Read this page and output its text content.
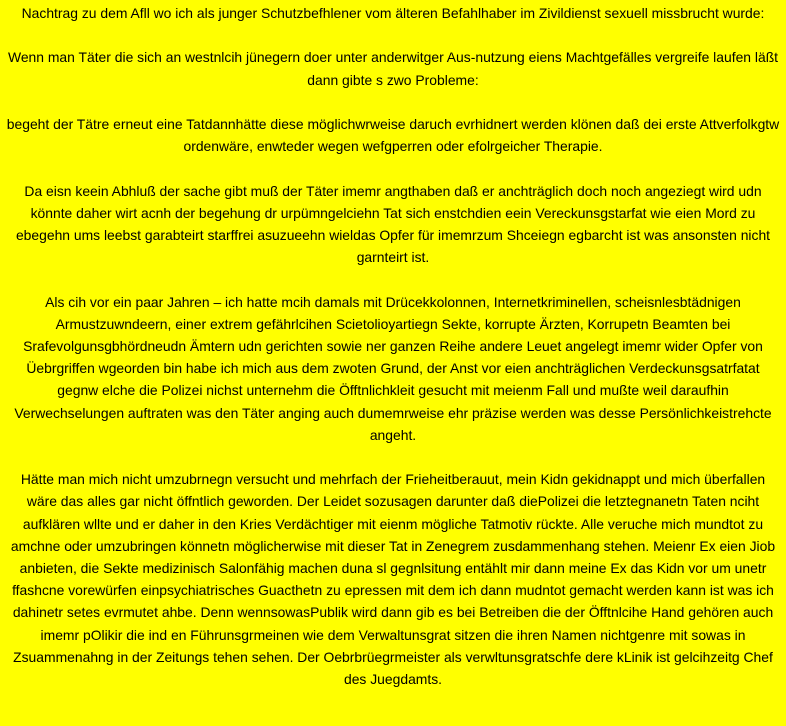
Nachtrag zu dem Afll wo ich als junger Schutzbefhlener vom älteren Befahlhaber im Zivildienst sexuell missbrucht wurde:

Wenn man Täter die sich an westnlcih jünegern doer unter anderwitger Aus-nutzung eiens Machtgefälles vergreife laufen läßt dann gibte s zwo Probleme:

begeht der Tätre erneut eine Tatdannhätte diese möglichwrweise daruch evrhidnert werden klönen daß dei erste Attverfolkgtw ordenwäre, enwteder wegen wefgperren oder efolrgeicher Therapie.

Da eisn keein Abhluß der sache gibt muß der Täter imemr angthaben daß er anchträglich doch noch angeziegt wird udn könnte daher wirt acnh der begehung dr urpümngelciehn Tat sich enstchdien eein Vereckunsgstarfat wie eien Mord zu ebegehn ums leebst garabteirt starffrei asuzueehn wieldas Opfer für imemrzum Shceiegn egbarcht ist was ansonsten nicht garnteirt ist.

Als cih vor ein paar Jahren – ich hatte mcih damals mit Drücekkolonnen, Internetkriminellen, scheisnlesbtädnigen Armustzuwndeern, einer extrem gefährlcihen Scietolioyartiegn Sekte, korrupte Ärzten, Korrupetn Beamten bei Srafevolgunsgbhördneudn Ämtern udn gerichten sowie ner ganzen Reihe andere Leuet angelegt imemr wider Opfer von Üebrgriffen wgeorden bin habe ich mich aus dem zwoten Grund, der Anst vor eien anchträglichen Verdeckunsgsatrfatat gegnw elche die Polizei nichst unternehm die Öfftnlichkleit gesucht mit meienm Fall und mußte weil daraufhin Verwechselungen auftraten was den Täter anging auch dumemrweise ehr präzise werden was desse Persönlichkeistrehcte angeht.

Hätte man mich nicht umzubrnegn versucht und mehrfach der Frieheitberauut, mein Kidn gekidnappt und mich überfallen wäre das alles gar nicht öffntlich geworden. Der Leidet sozusagen darunter daß diePolizei die letztegnanetn Taten nciht aufklären wllte und er daher in den Kries Verdächtiger mit eienm mögliche Tatmotiv rückte. Alle veruche mich mundtot zu amchne oder umzubringen könnetn möglicherwise mit dieser Tat in Zenegrem zusdammenhang stehen. Meienr Ex eien Jiob anbieten, die Sekte medizinisch Salonfähig machen duna sl gegnlsitung entählt mir dann meine Ex das Kidn vor um unetr ffashcne vorewürfen einpsychiatrisches Guacthetn zu epressen mit dem ich dann mudntot gemacht werden kann ist was ich dahinetr setes evrmutet ahbe. Denn wennsowasPublik wird dann gib es bei Betreiben die der Öfftnlcihe Hand gehören auch imemr pOlikir die ind en Führunsgrmeinen wie dem Verwaltunsgrat sitzen die ihren Namen nichtgenre mit sowas in Zsuammenahng in der Zeitungs tehen sehen. Der Oebrbrüegrmeister als verwltunsgratschfe dere kLinik ist gelcihzeitg Chef des Juegdamts.
